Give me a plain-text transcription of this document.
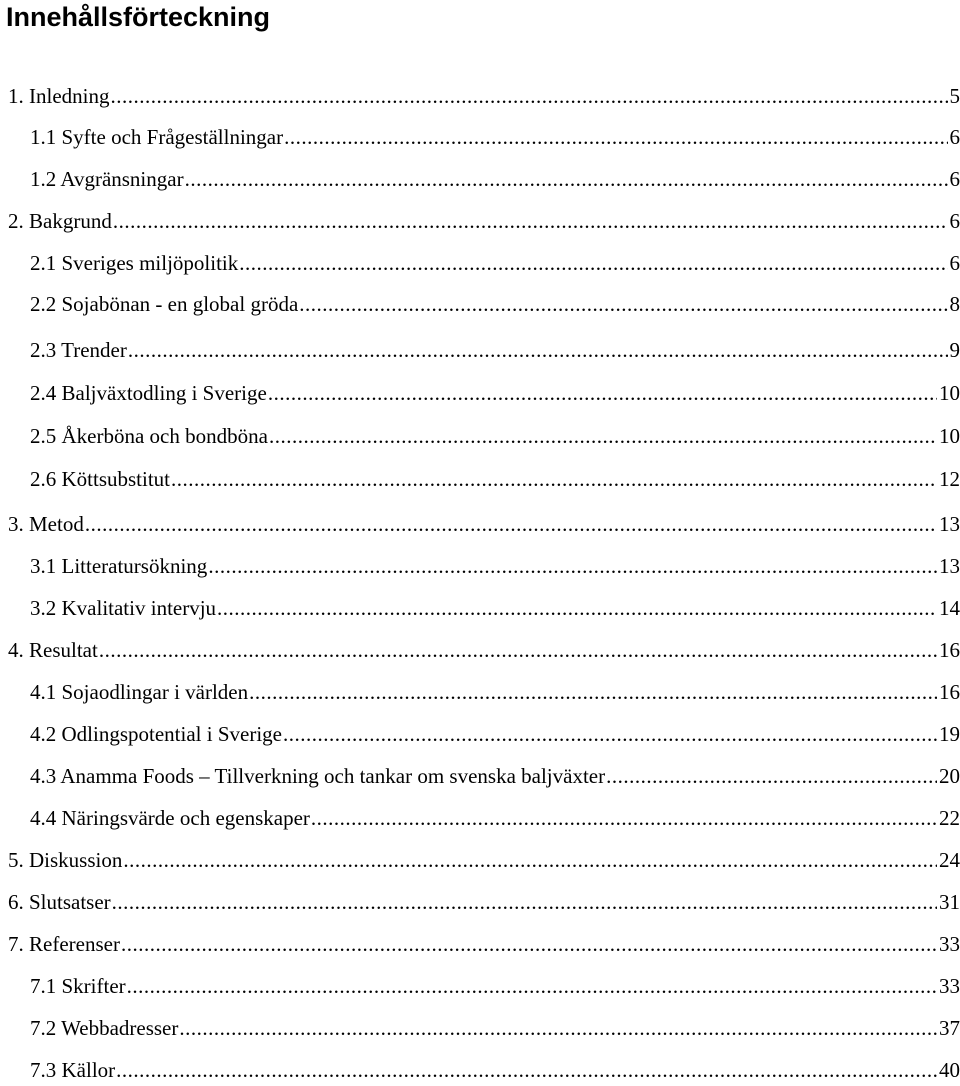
Innehållsförteckning
1. Inledning .....	5
1.1 Syfte och Frågeställningar .....	6
1.2 Avgränsningar .....	6
2. Bakgrund .....	6
2.1 Sveriges miljöpolitik .....	6
2.2 Sojabönan - en global gröda .....	8
2.3 Trender .....	9
2.4 Baljväxtodling i Sverige .....	10
2.5 Åkerböna och bondböna .....	10
2.6 Köttsubstitut .....	12
3. Metod .....	13
3.1 Litteratursökning .....	13
3.2 Kvalitativ intervju .....	14
4. Resultat .....	16
4.1 Sojaodlingar i världen .....	16
4.2 Odlingspotential i Sverige .....	19
4.3 Anamma Foods – Tillverkning och tankar om svenska baljväxter .....	20
4.4 Näringsvärde och egenskaper .....	22
5. Diskussion .....	24
6. Slutsatser .....	31
7. Referenser .....	33
7.1 Skrifter .....	33
7.2 Webbadresser .....	37
7.3 Källor .....	40
